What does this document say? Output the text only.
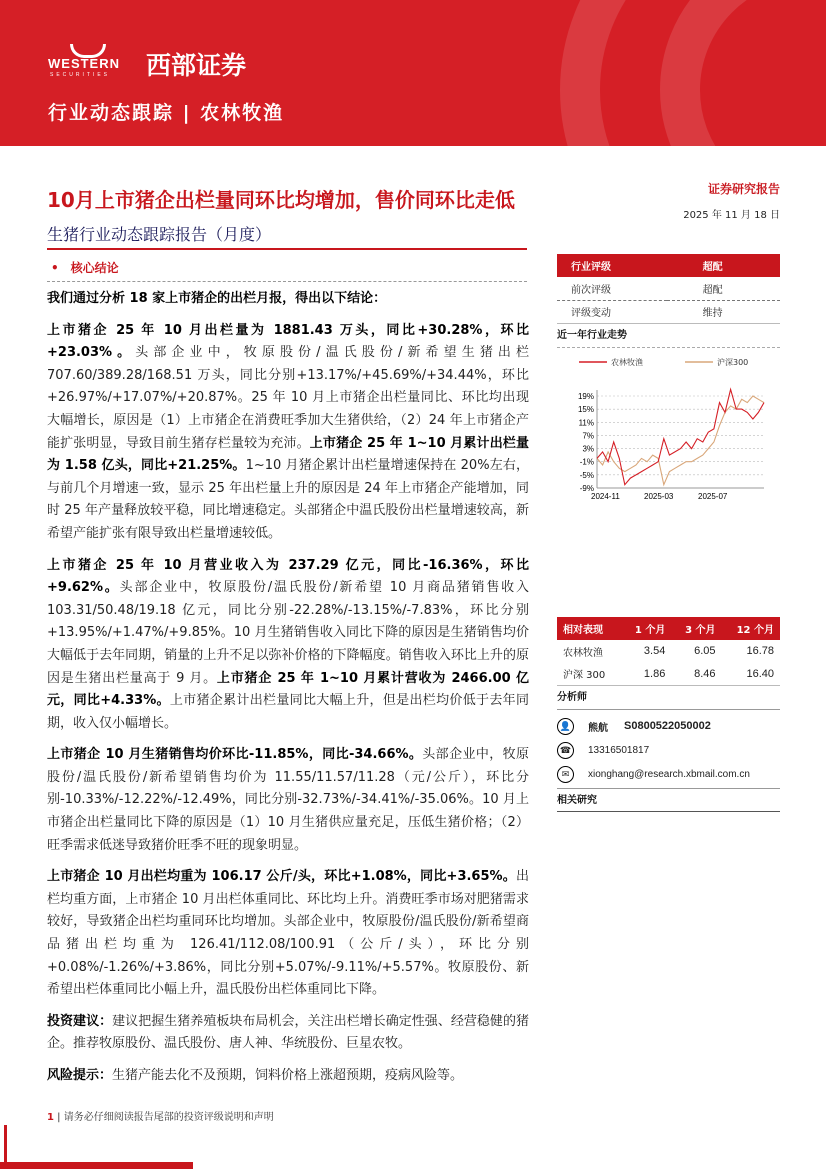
WESTERN
SECURITIES 西部证券
行业动态跟踪 | 农林牧渔
10月上市猪企出栏量同环比均增加，售价同环比走低
生猪行业动态跟踪报告（月度）
证券研究报告
2025 年 11 月 18 日
• 核心结论

我们通过分析 18 家上市猪企的出栏月报，得出以下结论：

上市猪企 25 年 10 月出栏量为 1881.43 万头，同比+30.28%，环比+23.03%。头部企业中，牧原股份/温氏股份/新希望生猪出栏 707.60/389.28/168.51 万头，同比分别+13.17%/+45.69%/+34.44%，环比+26.97%/+17.07%/+20.87%。25 年 10 月上市猪企出栏量同比、环比均出现大幅增长，原因是（1）上市猪企在消费旺季加大生猪供给，（2）24 年上市猪企产能扩张明显，导致目前生猪存栏量较为充沛。上市猪企 25 年 1~10 月累计出栏量为 1.58 亿头，同比+21.25%。1~10 月猪企累计出栏量增速保持在 20%左右，与前几个月增速一致，显示 25 年出栏量上升的原因是 24 年上市猪企产能增加，同时 25 年产量释放较平稳，同比增速稳定。头部猪企中温氏股份出栏量增速较高，新希望产能扩张有限导致出栏量增速较低。

上市猪企 25 年 10 月营业收入为 237.29 亿元，同比-16.36%，环比+9.62%。头部企业中，牧原股份/温氏股份/新希望 10 月商品猪销售收入 103.31/50.48/19.18 亿元，同比分别-22.28%/-13.15%/-7.83%，环比分别+13.95%/+1.47%/+9.85%。10 月生猪销售收入同比下降的原因是生猪销售均价大幅低于去年同期，销量的上升不足以弥补价格的下降幅度。销售收入环比上升的原因是生猪出栏量高于 9 月。上市猪企 25 年 1~10 月累计营收为 2466.00 亿元，同比+4.33%。上市猪企累计出栏量同比大幅上升，但是出栏均价低于去年同期，收入仅小幅增长。

上市猪企 10 月生猪销售均价环比-11.85%，同比-34.66%。头部企业中，牧原股份/温氏股份/新希望销售均价为 11.55/11.57/11.28（元/公斤），环比分别-10.33%/-12.22%/-12.49%，同比分别-32.73%/-34.41%/-35.06%。10 月上市猪企出栏量同比下降的原因是（1）10 月生猪供应量充足，压低生猪价格；（2）旺季需求低迷导致猪价旺季不旺的现象明显。

上市猪企 10 月出栏均重为 106.17 公斤/头，环比+1.08%，同比+3.65%。出栏均重方面，上市猪企 10 月出栏体重同比、环比均上升。消费旺季市场对肥猪需求较好，导致猪企出栏均重同环比均增加。头部企业中，牧原股份/温氏股份/新希望商品猪出栏均重为 126.41/112.08/100.91（公斤/头），环比分别+0.08%/-1.26%/+3.86%，同比分别+5.07%/-9.11%/+5.57%。牧原股份、新希望出栏体重同比小幅上升，温氏股份出栏体重同比下降。

投资建议：建议把握生猪养殖板块布局机会，关注出栏增长确定性强、经营稳健的猪企。推荐牧原股份、温氏股份、唐人神、华统股份、巨星农牧。

风险提示：生猪产能去化不及预期，饲料价格上涨超预期，疫病风险等。

行业评级	超配
前次评级	超配
评级变动	维持
近一年行业走势
19%
15%
11%
7%
3%
-1%
-5%
-9%
2024-11	2025-03	2025-07
农林牧渔	沪深300
相对表现	1 个月	3 个月	12 个月
农林牧渔	3.54	6.05	16.78
沪深 300	1.86	8.46	16.40
分析师
👤 熊航 S0800522050002
☎ 13316501817
✉	xionghang@research.xbmail.com.cn
相关研究
1 | 请务必仔细阅读报告尾部的投资评级说明和声明
